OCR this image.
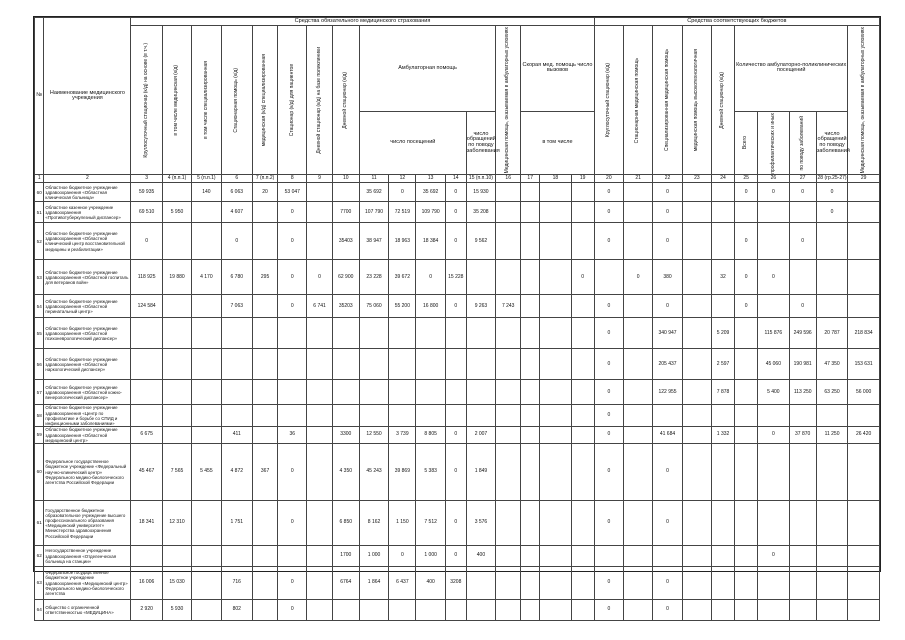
№	Наименование медицинского учреждения	Средства обязательного медицинского страхования																	Средства соответствующих бюджетов									

		Круглосуточный стационар (к/д) на основе (в т.ч.)	в том числе медицинская (к/д)	в том числе специализированная	Стационарная помощь (к/д)	медицинская (к/д) специализированная	Стационар (к/д) для пациентов	Дневной стационар (к/д) на базе поликлиники	Дневной стационар (к/д)	Амбулаторная помощь					Медицинская помощь, оказываемая в амбулаторных условиях	Скорая мед. помощь число вызовов			Круглосуточный стационар (к/д)	Стационарная медицинская помощь	Специализированная медицинская помощь	медицинская помощь высокотехнологичная	Дневной стационар (к/д)	Количество амбулаторно-поликлинических посещений				Медицинская помощь, оказываемая в амбулаторных условиях

										число посещений				число обращений по поводу заболевания		в том числе								Всего	профилактических и иных	по поводу заболеваний	число обращений по поводу заболеваний	
1	2	3	4 (п.п.1)	5 (п.п.1)	6	7 (п.п.2)	8	9	10	11	12	13	14	15 (п.п.10)	16	17	18	19	20	21	22	23	24	25	26	27	28 (гр.25-27)	29
60	Областное бюджетное учреждение здравоохранения «Областная клиническая больница»	59 935		140	6 063	20	53 047			35 692	0	35 692	0	15 930					0		0			0	0	0	0	
51	Областное казенное учреждение здравоохранения «Противотуберкулезный диспансер»	69 510	5 950		4 607		0		7700	107 790	72 519	109 790	0	35 208					0		0						0	
52	Областное бюджетное учреждение здравоохранения «Областной клинический центр восстановительной медицины и реабилитации»	0			0		0		35403	38 947	18 963	18 384	0	9 562					0		0			0		0		
53	Областное бюджетное учреждение здравоохранения «Областной госпиталь для ветеранов войн»	118 925	19 880	4 170	6 780	295	0	0	62 900	23 228	39 672	0	15 228					0		0	380		32	0	0			
54	Областное бюджетное учреждение здравоохранения «Областной перинатальный центр»	124 584			7 063		0	6 741	35203	75 060	55 200	16 800	0	9 263	7 243				0		0			0		0		
55	Областное бюджетное учреждение здравоохранения «Областной психоневрологический диспансер»																		0		340 947		5 209		115 876	249 596	20 787	218 834
56	Областное бюджетное учреждение здравоохранения «Областной наркологический диспансер»																		0		205 437		2 597		45 060	190 981	47 350	153 631
57	Областное бюджетное учреждение здравоохранения «Областной кожно-венерологический диспансер»																		0		122 955		7 878		5 400	113 250	63 250	56 000
58	Областное бюджетное учреждение здравоохранения «Центр по профилактике и борьбе со СПИД и инфекционными заболеваниями»																		0									
59	Областное бюджетное учреждение здравоохранения «Областной медицинский центр»	6 675			411		36		3300	12 550	3 739	8 805	0	2 007					0		41 684		1 332		0	37 870	11 250	26 420
60	Федеральное государственное бюджетное учреждение «Федеральный научно-клинический центр» Федерального медико-биологического агентства Российской Федерации	45 467	7 565	5 455	4 872	367	0		4 350	45 243	39 869	5 383	0	1 849					0		0							
61	Государственное бюджетное образовательное учреждение высшего профессионального образования «Медицинский университет» Министерства здравоохранения Российской Федерации	18 341	12 310		1 751		0		6 850	8 162	1 150	7 512	0	3 576					0		0							
62	Негосударственное учреждение здравоохранения «Отделенческая больница на станции»								1700	1 000	0	1 000	0	400											0			
63	Федеральное государственное бюджетное учреждение здравоохранения «Медицинский центр» Федерального медико-биологического агентства	16 006	15 030		716		0		6764	1 864	6 437	400	3208						0		0							
64	Общество с ограниченной ответственностью «МЕДИЦИНА»	2 920	5 930		802		0												0		0							
